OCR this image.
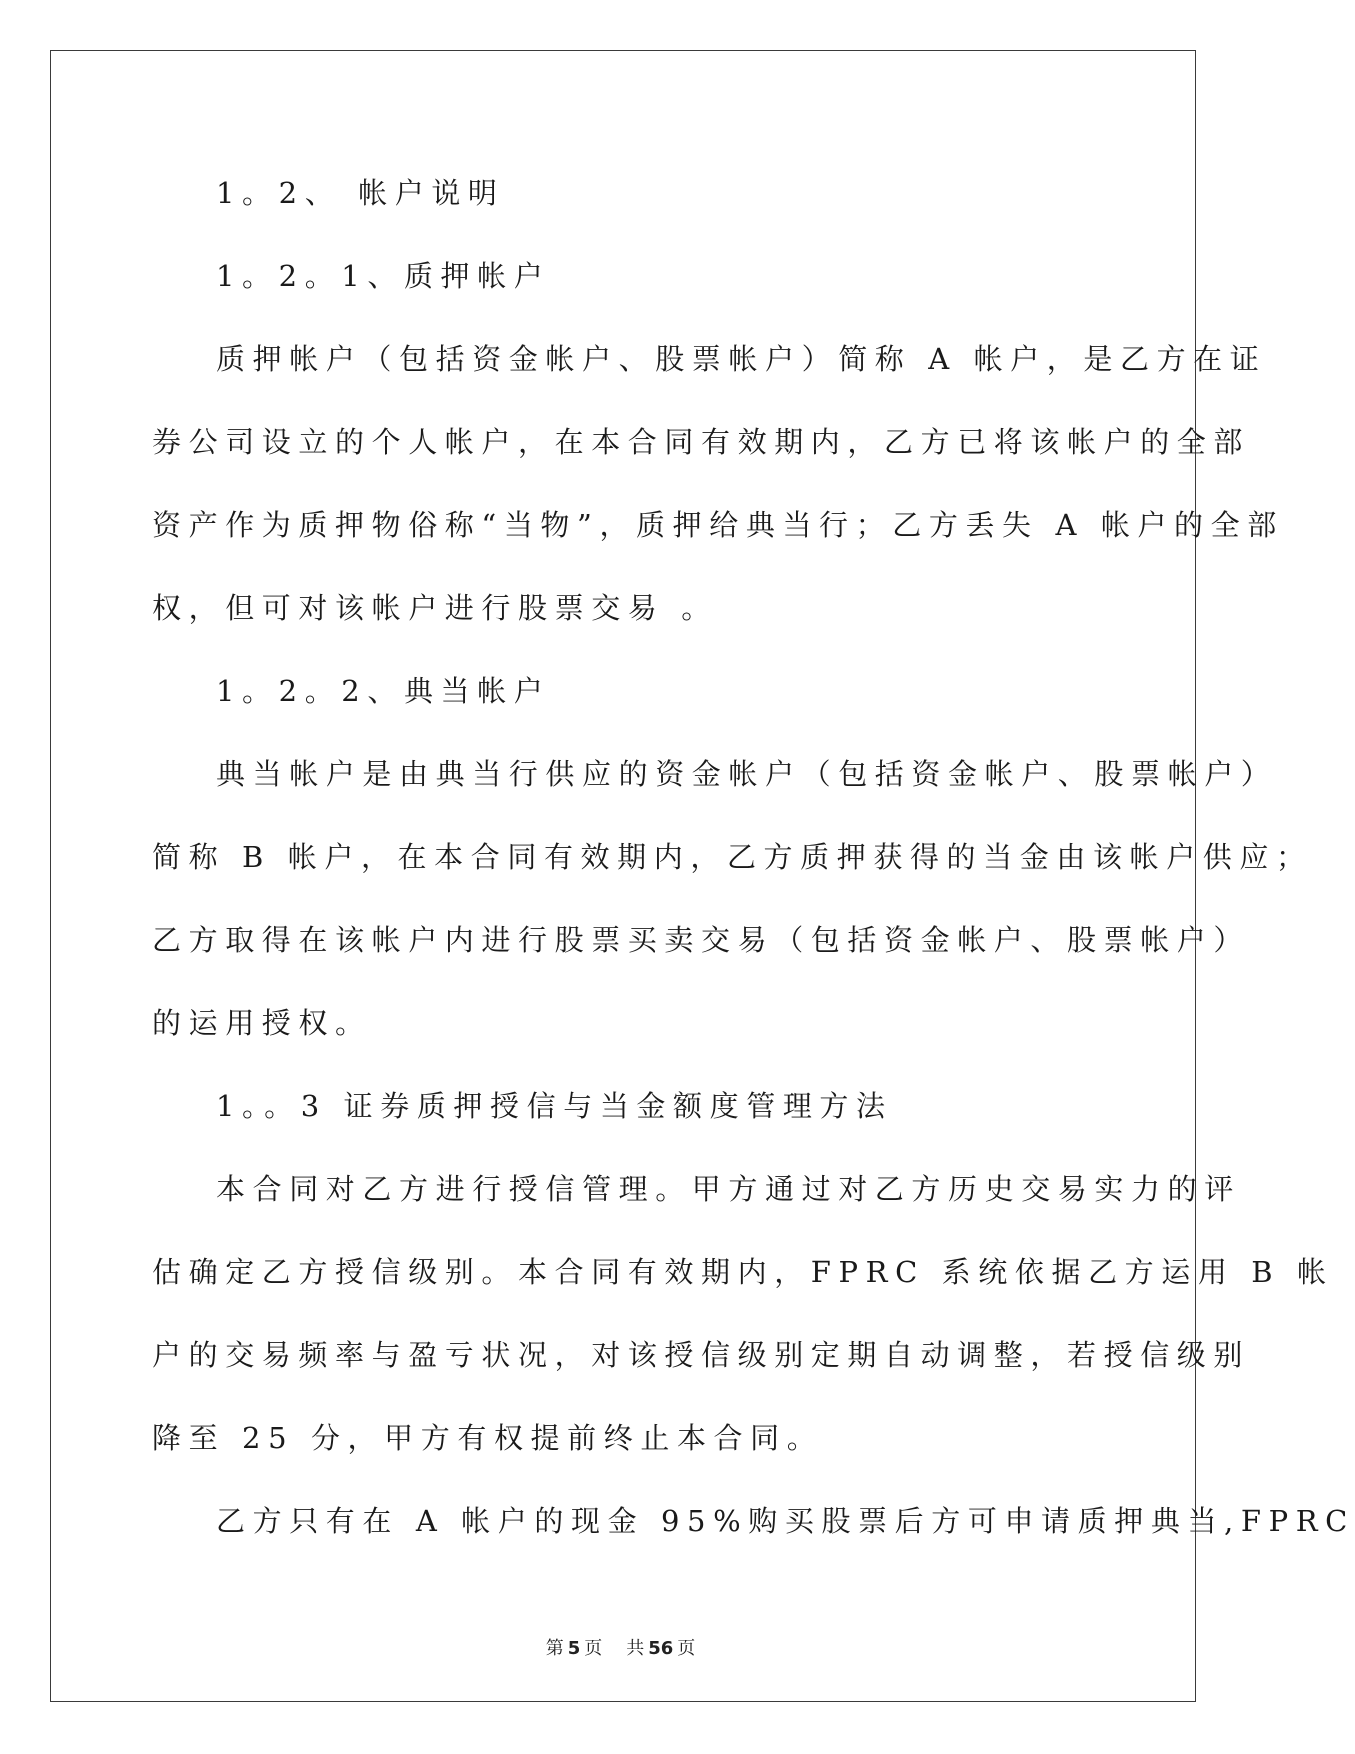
1。2、 帐户说明
1。2。1、质押帐户
质押帐户（包括资金帐户、股票帐户）简称 A 帐户，是乙方在证
券公司设立的个人帐户，在本合同有效期内，乙方已将该帐户的全部
资产作为质押物俗称“当物”，质押给典当行；乙方丢失 A 帐户的全部
权，但可对该帐户进行股票交易 。
1。2。2、典当帐户
典当帐户是由典当行供应的资金帐户（包括资金帐户、股票帐户）
简称 B 帐户，在本合同有效期内，乙方质押获得的当金由该帐户供应；
乙方取得在该帐户内进行股票买卖交易（包括资金帐户、股票帐户）
的运用授权。
1。。3 证券质押授信与当金额度管理方法
本合同对乙方进行授信管理。甲方通过对乙方历史交易实力的评
估确定乙方授信级别。本合同有效期内，FPRC 系统依据乙方运用 B 帐
户的交易频率与盈亏状况，对该授信级别定期自动调整，若授信级别
降至 25 分，甲方有权提前终止本合同。
乙方只有在 A 帐户的现金 95%购买股票后方可申请质押典当,FPRC
第 5 页 共 56 页
